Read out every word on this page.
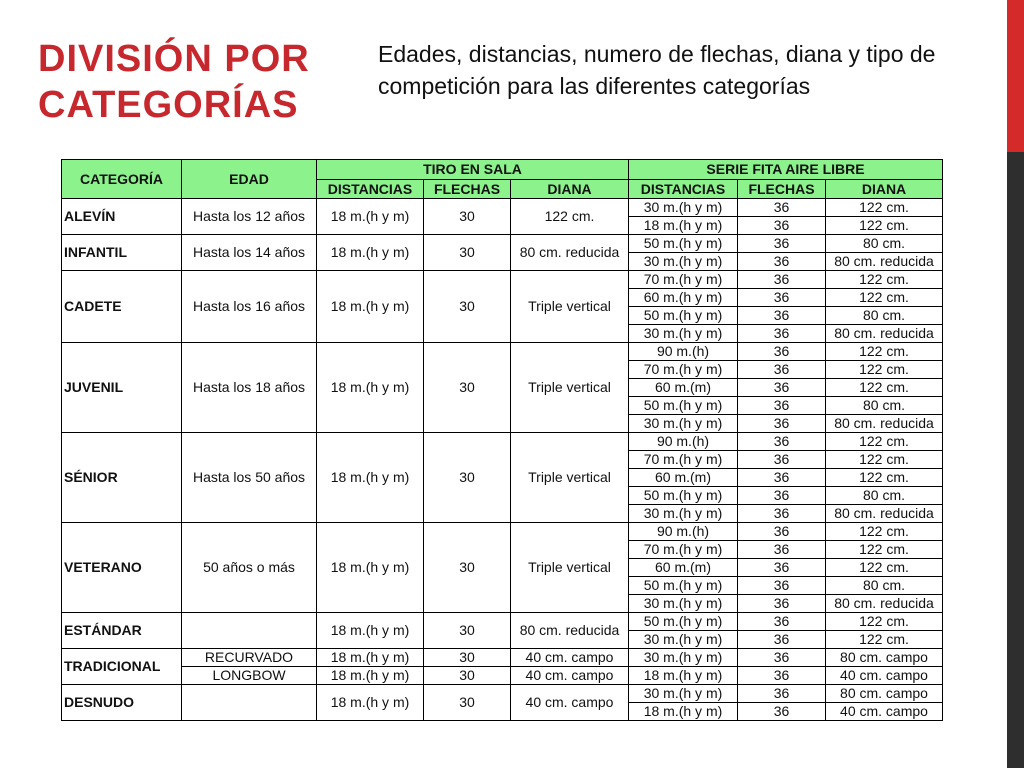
DIVISIÓN POR CATEGORÍAS

Edades, distancias, numero de flechas, diana y tipo de competición para las diferentes categorías

CATEGORÍA	EDAD	TIRO EN SALA			SERIE FITA AIRE LIBRE		
		DISTANCIAS	FLECHAS	DIANA	DISTANCIAS	FLECHAS	DIANA
ALEVÍN	Hasta los 12 años	18 m.(h y m)	30	122 cm.	30 m.(h y m)	36	122 cm.
					18 m.(h y m)	36	122 cm.
INFANTIL	Hasta los 14 años	18 m.(h y m)	30	80 cm. reducida	50 m.(h y m)	36	80 cm.
					30 m.(h y m)	36	80 cm. reducida
CADETE	Hasta los 16 años	18 m.(h y m)	30	Triple vertical	70 m.(h y m)	36	122 cm.
					60 m.(h y m)	36	122 cm.
					50 m.(h y m)	36	80 cm.
					30 m.(h y m)	36	80 cm. reducida
JUVENIL	Hasta los 18 años	18 m.(h y m)	30	Triple vertical	90 m.(h)	36	122 cm.
					70 m.(h y m)	36	122 cm.
					60 m.(m)	36	122 cm.
					50 m.(h y m)	36	80 cm.
					30 m.(h y m)	36	80 cm. reducida
SÉNIOR	Hasta los 50 años	18 m.(h y m)	30	Triple vertical	90 m.(h)	36	122 cm.
					70 m.(h y m)	36	122 cm.
					60 m.(m)	36	122 cm.
					50 m.(h y m)	36	80 cm.
					30 m.(h y m)	36	80 cm. reducida
VETERANO	50 años o más	18 m.(h y m)	30	Triple vertical	90 m.(h)	36	122 cm.
					70 m.(h y m)	36	122 cm.
					60 m.(m)	36	122 cm.
					50 m.(h y m)	36	80 cm.
					30 m.(h y m)	36	80 cm. reducida
ESTÁNDAR		18 m.(h y m)	30	80 cm. reducida	50 m.(h y m)	36	122 cm.
					30 m.(h y m)	36	122 cm.
TRADICIONAL	RECURVADO	18 m.(h y m)	30	40 cm. campo	30 m.(h y m)	36	80 cm. campo
	LONGBOW	18 m.(h y m)	30	40 cm. campo	18 m.(h y m)	36	40 cm. campo
DESNUDO		18 m.(h y m)	30	40 cm. campo	30 m.(h y m)	36	80 cm. campo
					18 m.(h y m)	36	40 cm. campo
